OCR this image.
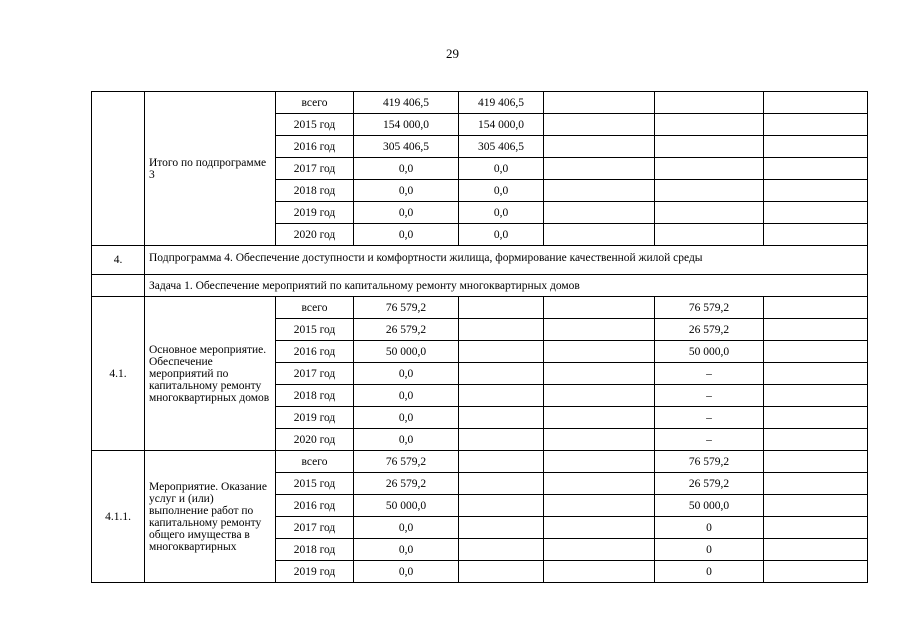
29
	Итого по подпрограмме 3	всего	419 406,5	419 406,5			
		2015 год	154 000,0	154 000,0			
		2016 год	305 406,5	305 406,5			
		2017 год	0,0	0,0			
		2018 год	0,0	0,0			
		2019 год	0,0	0,0			
		2020 год	0,0	0,0			
4.	Подпрограмма 4. Обеспечение доступности и комфортности жилища, формирование качественной жилой среды						
	Задача 1. Обеспечение мероприятий по капитальному ремонту многоквартирных домов						
4.1.	Основное мероприятие. Обеспечение мероприятий по капитальному ремонту многоквартирных домов	всего	76 579,2			76 579,2	
		2015 год	26 579,2			26 579,2	
		2016 год	50 000,0			50 000,0	
		2017 год	0,0			–	
		2018 год	0,0			–	
		2019 год	0,0			–	
		2020 год	0,0			–	
4.1.1.	Мероприятие. Оказание услуг и (или) выполнение работ по капитальному ремонту общего имущества в многоквартирных	всего	76 579,2			76 579,2	
		2015 год	26 579,2			26 579,2	
		2016 год	50 000,0			50 000,0	
		2017 год	0,0			0	
		2018 год	0,0			0	
		2019 год	0,0			0	
